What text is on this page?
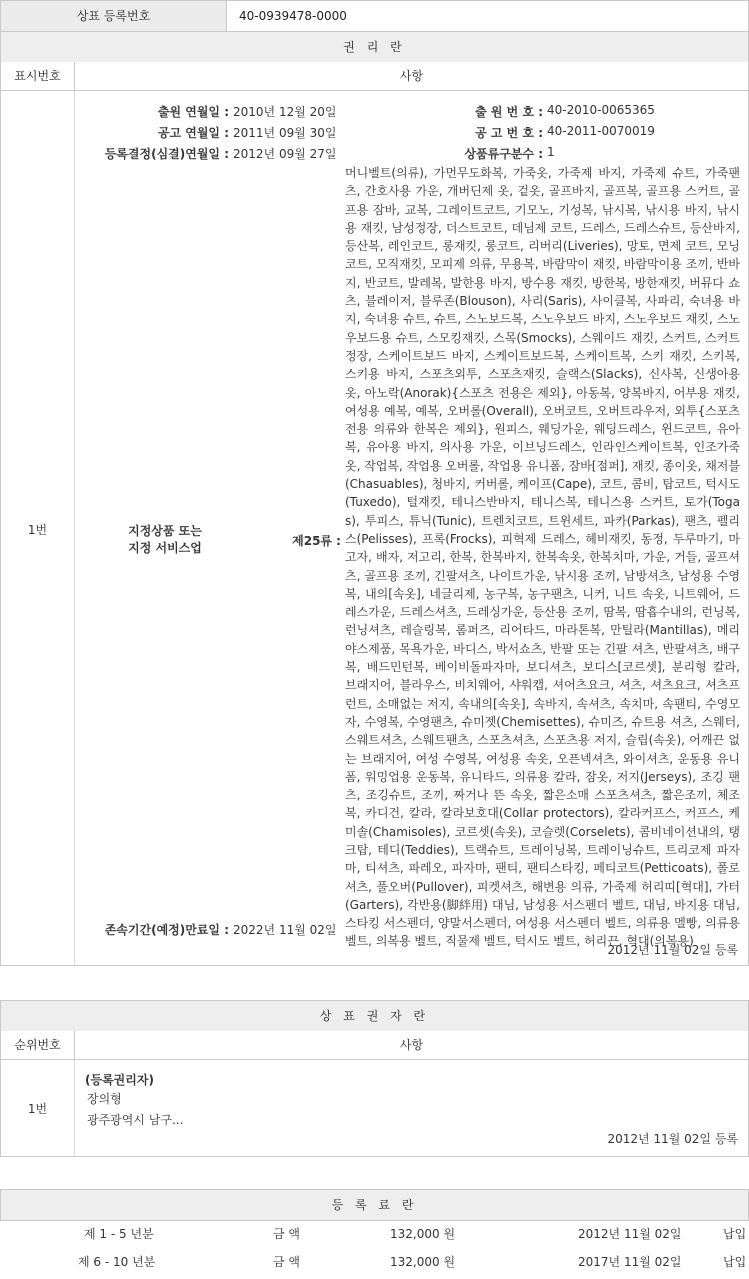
상표 등록번호	40-0939478-0000
권 리 란
표시번호	사항
1번
출원 연월일 : 2010년 12월 20일	출 원 번 호 : 40-2010-0065365
공고 연월일 : 2011년 09월 30일	공 고 번 호 : 40-2011-0070019
등록결정(심결)연월일 : 2012년 09월 27일	상품류구분수 : 1
지정상품 또는
지정 서비스업	제25류 :
머니벨트(의류), 가먼무도화복, 가죽옷, 가죽제 바지, 가죽제 슈트, 가죽팬츠, 간호사용 가운, 개버딘제 옷, 겉옷, 골프바지, 골프복, 골프용 스커트, 골프용 잠바, 교복, 그레이트코트, 기모노, 기성복, 낚시복, 낚시용 바지, 낚시용 재킷, 남성정장, 더스트코트, 데님제 코트, 드레스, 드레스슈트, 등산바지, 등산복, 레인코트, 롱재킷, 롱코트, 리버리(Liveries), 망토, 면제 코트, 모닝코트, 모직재킷, 모피제 의류, 무용복, 바람막이 재킷, 바람막이용 조끼, 반바지, 반코트, 발레복, 발한용 바지, 방수용 재킷, 방한복, 방한재킷, 버뮤다 쇼츠, 블레이저, 블루존(Blouson), 사리(Saris), 사이클복, 사파리, 숙녀용 바지, 숙녀용 슈트, 슈트, 스노보드복, 스노우보드 바지, 스노우보드 재킷, 스노우보드용 슈트, 스모킹재킷, 스목(Smocks), 스웨이드 재킷, 스커트, 스커트정장, 스케이트보드 바지, 스케이트보드복, 스케이트복, 스키 재킷, 스키복, 스키용 바지, 스포츠외투, 스포츠재킷, 슬랙스(Slacks), 신사복, 신생아용 옷, 아노락(Anorak){스포츠 전용은 제외}, 아동복, 양복바지, 어부용 재킷, 여성용 예복, 예복, 오버롤(Overall), 오버코트, 오버트라우저, 외투{스포츠 전용 의류와 한복은 제외}, 원피스, 웨딩가운, 웨딩드레스, 윈드코트, 유아복, 유아용 바지, 의사용 가운, 이브닝드레스, 인라인스케이트복, 인조가죽옷, 작업복, 작업용 오버롤, 작업용 유니폼, 잠바[점퍼], 재킷, 종이옷, 채저블(Chasuables), 청바지, 커버롤, 케이프(Cape), 코트, 콤비, 탑코트, 턱시도(Tuxedo), 털재킷, 테니스반바지, 테니스복, 테니스용 스커트, 토가(Togas), 투피스, 튜닉(Tunic), 트렌치코트, 트윈세트, 파카(Parkas), 팬츠, 펠리스(Pelisses), 프록(Frocks), 피혁제 드레스, 헤비재킷, 동정, 두루마기, 마고자, 배자, 저고리, 한복, 한복바지, 한복속옷, 한복치마, 가운, 거들, 골프셔츠, 골프용 조끼, 긴팔셔츠, 나이트가운, 낚시용 조끼, 남방셔츠, 남성용 수영복, 내의[속옷], 네글리제, 농구복, 농구팬츠, 니커, 니트 속옷, 니트웨어, 드레스가운, 드레스셔츠, 드레싱가운, 등산용 조끼, 땀복, 땀흡수내의, 런닝복, 런닝셔츠, 레슬링복, 롬퍼즈, 리어타드, 마라톤복, 만틸라(Mantillas), 메리야스제품, 목욕가운, 바디스, 박서쇼츠, 반팔 또는 긴팔 셔츠, 반팔셔츠, 배구복, 배드민턴복, 베이비돌파자마, 보디셔츠, 보디스[코르셋], 분리형 칼라, 브래지어, 블라우스, 비치웨어, 샤워캡, 셔어츠요크, 셔츠, 셔츠요크, 셔츠프런트, 소매없는 저지, 속내의[속옷], 속바지, 속셔츠, 속치마, 속팬티, 수영모자, 수영복, 수영팬츠, 슈미젯(Chemisettes), 슈미즈, 슈트용 셔츠, 스웨터, 스웨트셔츠, 스웨트팬츠, 스포츠셔츠, 스포츠용 저지, 슬립(속옷), 어깨끈 없는 브래지어, 여성 수영복, 여성용 속옷, 오픈넥셔츠, 와이셔츠, 운동용 유니폼, 워밍업용 운동복, 유니타드, 의류용 칼라, 잠옷, 저지(Jerseys), 조깅 팬츠, 조깅슈트, 조끼, 짜거나 뜬 속옷, 짧은소매 스포츠셔츠, 짧은조끼, 체조복, 카디건, 칼라, 칼라보호대(Collar protectors), 칼라커프스, 커프스, 케미솔(Chamisoles), 코르셋(속옷), 코슬렛(Corselets), 콤비네이션내의, 탱크탑, 테디(Teddies), 트랙슈트, 트레이닝복, 트레이닝슈트, 트리코제 파자마, 티셔츠, 파레오, 파자마, 팬티, 팬티스타킹, 페티코트(Petticoats), 폴로셔츠, 풀오버(Pullover), 피켓셔츠, 해변용 의류, 가죽제 허리띠[혁대], 가터(Garters), 각반용(脚絆用) 대님, 남성용 서스펜더 벨트, 대님, 바지용 대님, 스타킹 서스펜더, 양말서스펜더, 여성용 서스펜더 벨트, 의류용 멜빵, 의류용 벨트, 의복용 벨트, 직물제 벨트, 턱시도 벨트, 허리끈, 혁대(의복용)
존속기간(예정)만료일 : 2022년 11월 02일
2012년 11월 02일 등록
상 표 권 자 란
순위번호	사항
1번
(등록권리자)
장의형
광주광역시 남구...
2012년 11월 02일 등록
등 록 료 란
제 1 - 5 년분	금 액	132,000 원	2012년 11월 02일	납입
제 6 - 10 년분	금 액	132,000 원	2017년 11월 02일	납입
